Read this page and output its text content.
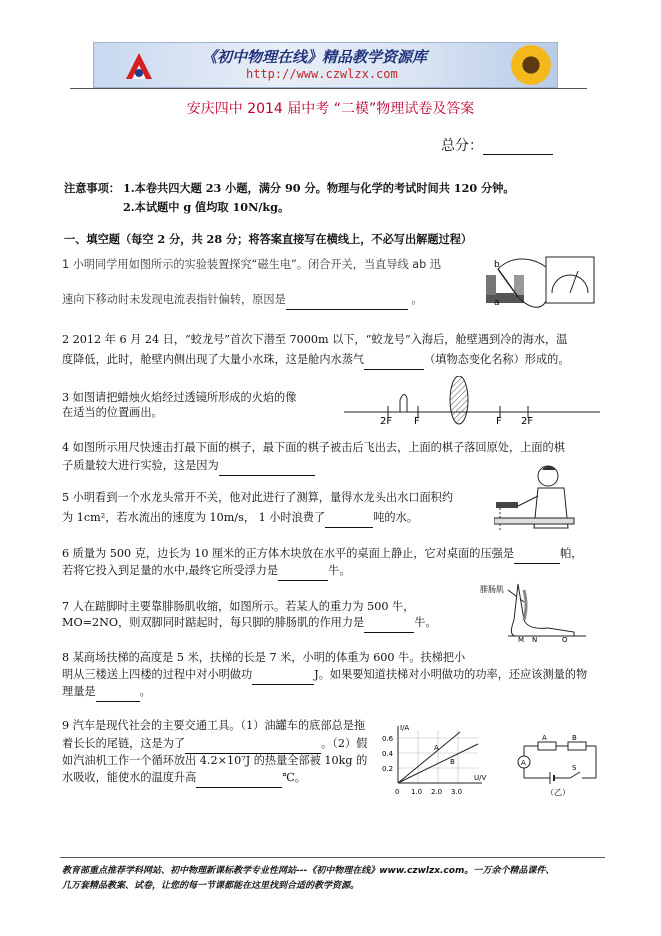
《初中物理在线》精品教学资源库
http://www.czwlzx.com
安庆四中 2014 届中考 “二模”物理试卷及答案
总分：
注意事项： 1.本卷共四大题 23 小题，满分 90 分。物理与化学的考试时间共 120 分钟。
2.本试题中 g 值均取 10N/kg。
一、填空题（每空 2 分，共 28 分；将答案直接写在横线上，不必写出解题过程）
1 小明同学用如图所示的实验装置探究“磁生电”。闭合开关，当直导线 ab 迅
速向下移动时未发现电流表指针偏转，原因是	。
b
a
2 2012 年 6 月 24 日，“蛟龙号”首次下潜至 7000m 以下，“蛟龙号”入海后，舱壁遇到冷的海水，温
度降低，此时，舱壁内侧出现了大量小水珠，这是舱内水蒸气	（填物态变化名称）形成的。
3 如图请把蜡烛火焰经过透镜所形成的火焰的像
在适当的位置画出。
2F F	F 2F
4 如图所示用尺快速击打最下面的棋子，最下面的棋子被击后飞出去，上面的棋子落回原处，上面的棋
子质量较大进行实验，这是因为
5 小明看到一个水龙头常开不关，他对此进行了测算，量得水龙头出水口面积约
为 1cm²，若水流出的速度为 10m/s， 1 小时浪费了	吨的水。
6 质量为 500 克，边长为 10 厘米的正方体木块放在水平的桌面上静止，它对桌面的压强是	帕，
若将它投入到足量的水中,最终它所受浮力是	牛。
7 人在踮脚时主要靠腓肠肌收缩，如图所示。若某人的重力为 500 牛，
MO=2NO，则双脚同时踮起时，每只脚的腓肠肌的作用力是	牛。
腓肠肌
M N	O
8 某商场扶梯的高度是 5 米，扶梯的长是 7 米，小明的体重为 600 牛。扶梯把小
明从三楼送上四楼的过程中对小明做功	J。如果要知道扶梯对小明做功的功率，还应该测量的物
理量是	。
9 汽车是现代社会的主要交通工具。（1）油罐车的底部总是拖
着长长的尾链，这是为了	。（2）假
如汽油机工作一个循环放出 4.2×10⁷J 的热量全部被 10kg 的
水吸收，能使水的温度升高	℃。
I/A
U/V
0.6
0.4
0.2
0 1.0 2.0 3.0
A
B
A	B
A
S
（乙）
教育部重点推荐学科网站、初中物理新课标教学专业性网站---《初中物理在线》www.czwlzx.com。一万余个精品课件、
几万套精品教案、试卷，让您的每一节课都能在这里找到合适的教学资源。
